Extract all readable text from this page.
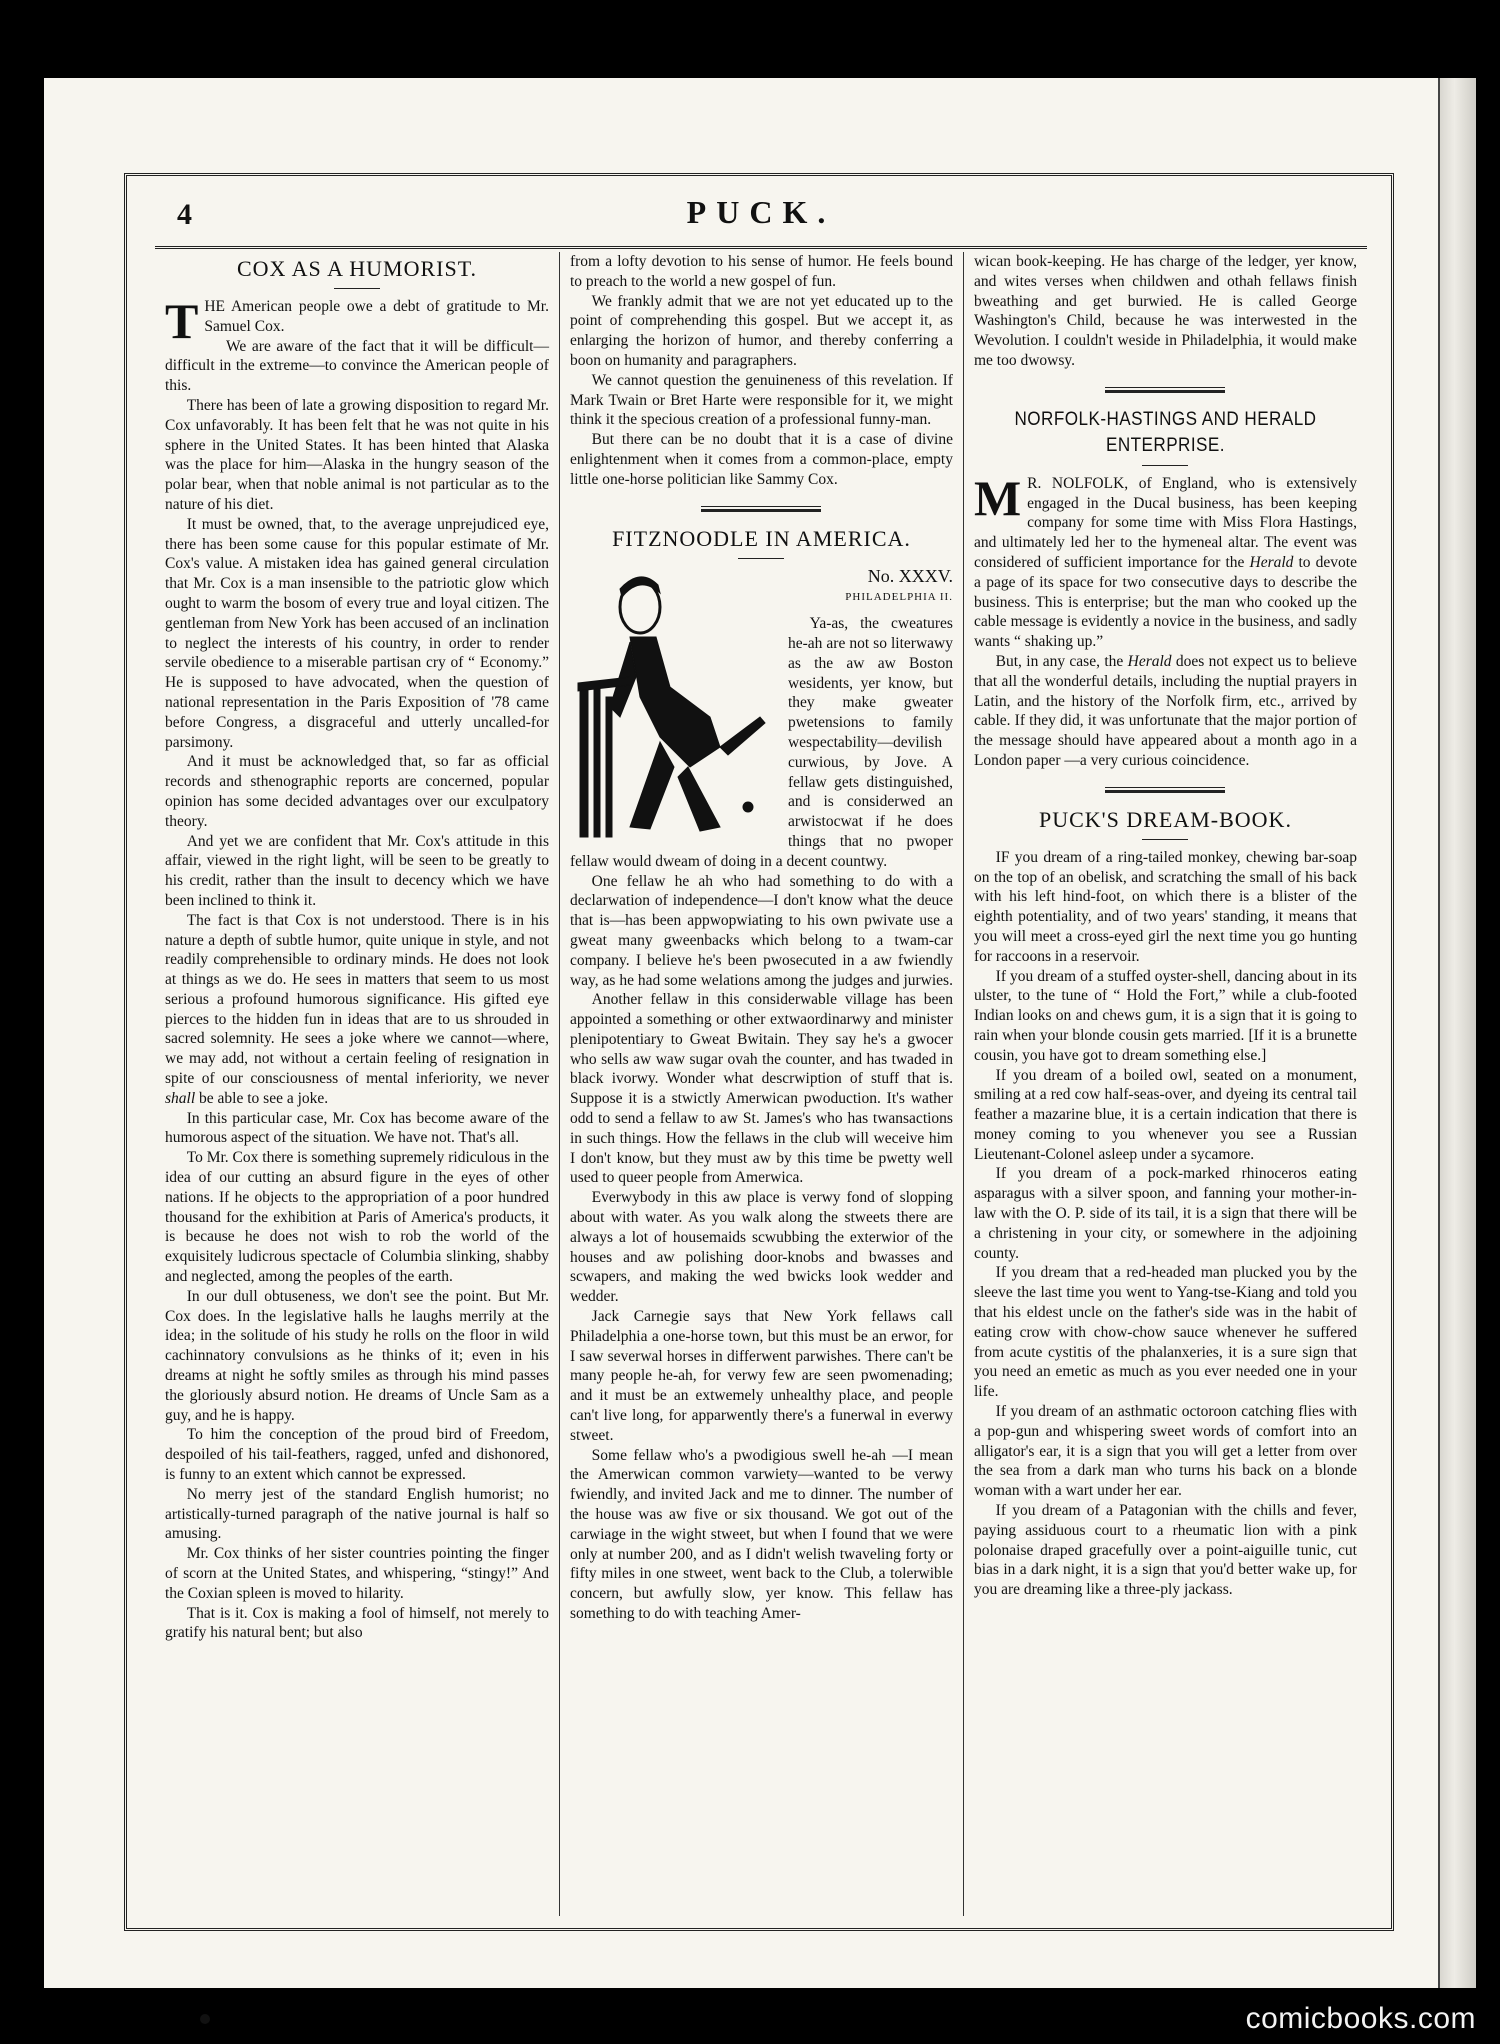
4	PUCK.
COX AS A HUMORIST.

THE American people owe a debt of gratitude to Mr. Samuel Cox.

We are aware of the fact that it will be difficult—difficult in the extreme—to convince the American people of this.

There has been of late a growing disposition to regard Mr. Cox unfavorably. It has been felt that he was not quite in his sphere in the United States. It has been hinted that Alaska was the place for him—Alaska in the hungry season of the polar bear, when that noble animal is not particular as to the nature of his diet.

It must be owned, that, to the average unprejudiced eye, there has been some cause for this popular estimate of Mr. Cox's value. A mistaken idea has gained general circulation that Mr. Cox is a man insensible to the patriotic glow which ought to warm the bosom of every true and loyal citizen. The gentleman from New York has been accused of an inclination to neglect the interests of his country, in order to render servile obedience to a miserable partisan cry of “ Economy.” He is supposed to have advocated, when the question of national representation in the Paris Exposition of '78 came before Congress, a disgraceful and utterly uncalled-for parsimony.

And it must be acknowledged that, so far as official records and sthenographic reports are concerned, popular opinion has some decided advantages over our exculpatory theory.

And yet we are confident that Mr. Cox's attitude in this affair, viewed in the right light, will be seen to be greatly to his credit, rather than the insult to decency which we have been inclined to think it.

The fact is that Cox is not understood. There is in his nature a depth of subtle humor, quite unique in style, and not readily comprehensible to ordinary minds. He does not look at things as we do. He sees in matters that seem to us most serious a profound humorous significance. His gifted eye pierces to the hidden fun in ideas that are to us shrouded in sacred solemnity. He sees a joke where we cannot—where, we may add, not without a certain feeling of resignation in spite of our consciousness of mental inferiority, we never shall be able to see a joke.

In this particular case, Mr. Cox has become aware of the humorous aspect of the situation. We have not. That's all.

To Mr. Cox there is something supremely ridiculous in the idea of our cutting an absurd figure in the eyes of other nations. If he objects to the appropriation of a poor hundred thousand for the exhibition at Paris of America's products, it is because he does not wish to rob the world of the exquisitely ludicrous spectacle of Columbia slinking, shabby and neglected, among the peoples of the earth.

In our dull obtuseness, we don't see the point. But Mr. Cox does. In the legislative halls he laughs merrily at the idea; in the solitude of his study he rolls on the floor in wild cachinnatory convulsions as he thinks of it; even in his dreams at night he softly smiles as through his mind passes the gloriously absurd notion. He dreams of Uncle Sam as a guy, and he is happy.

To him the conception of the proud bird of Freedom, despoiled of his tail-feathers, ragged, unfed and dishonored, is funny to an extent which cannot be expressed.

No merry jest of the standard English humorist; no artistically-turned paragraph of the native journal is half so amusing.

Mr. Cox thinks of her sister countries pointing the finger of scorn at the United States, and whispering, “stingy!” And the Coxian spleen is moved to hilarity.

That is it. Cox is making a fool of himself, not merely to gratify his natural bent; but also

from a lofty devotion to his sense of humor. He feels bound to preach to the world a new gospel of fun.

We frankly admit that we are not yet educated up to the point of comprehending this gospel. But we accept it, as enlarging the horizon of humor, and thereby conferring a boon on humanity and paragraphers.

We cannot question the genuineness of this revelation. If Mark Twain or Bret Harte were responsible for it, we might think it the specious creation of a professional funny-man.

But there can be no doubt that it is a case of divine enlightenment when it comes from a common-place, empty little one-horse politician like Sammy Cox.

FITZNOODLE IN AMERICA.

No. XXXV.

PHILADELPHIA II.

Ya-as, the cweatures he-ah are not so literwawy as the aw aw Boston wesidents, yer know, but they make gweater pwetensions to family wespectability—devilish curwious, by Jove. A fellaw gets distinguished, and is considerwed an arwistocwat if he does things that no pwoper fellaw would dweam of doing in a decent countwy.

One fellaw he ah who had something to do with a declarwation of independence—I don't know what the deuce that is—has been appwopwiating to his own pwivate use a gweat many gweenbacks which belong to a twam-car company. I believe he's been pwosecuted in a aw fwiendly way, as he had some welations among the judges and jurwies.

Another fellaw in this considerwable village has been appointed a something or other extwaordinarwy and minister plenipotentiary to Gweat Bwitain. They say he's a gwocer who sells aw waw sugar ovah the counter, and has twaded in black ivorwy. Wonder what descrwiption of stuff that is. Suppose it is a stwictly Amerwican pwoduction. It's wather odd to send a fellaw to aw St. James's who has twansactions in such things. How the fellaws in the club will weceive him I don't know, but they must aw by this time be pwetty well used to queer people from Amerwica.

Everwybody in this aw place is verwy fond of slopping about with water. As you walk along the stweets there are always a lot of housemaids scwubbing the exterwior of the houses and aw polishing door-knobs and bwasses and scwapers, and making the wed bwicks look wedder and wedder.

Jack Carnegie says that New York fellaws call Philadelphia a one-horse town, but this must be an erwor, for I saw severwal horses in differwent parwishes. There can't be many people he-ah, for verwy few are seen pwomenading; and it must be an extwemely unhealthy place, and people can't live long, for apparwently there's a funerwal in everwy stweet.

Some fellaw who's a pwodigious swell he-ah —I mean the Amerwican common varwiety—wanted to be verwy fwiendly, and invited Jack and me to dinner. The number of the house was aw five or six thousand. We got out of the carwiage in the wight stweet, but when I found that we were only at number 200, and as I didn't welish twaveling forty or fifty miles in one stweet, went back to the Club, a tolerwible concern, but awfully slow, yer know. This fellaw has something to do with teaching Amer-

wican book-keeping. He has charge of the ledger, yer know, and wites verses when childwen and othah fellaws finish bweathing and get burwied. He is called George Washington's Child, because he was interwested in the Wevolution. I couldn't weside in Philadelphia, it would make me too dwowsy.

NORFOLK-HASTINGS AND HERALD ENTERPRISE.

M R. NOLFOLK, of England, who is extensively engaged in the Ducal business, has been keeping company for some time with Miss Flora Hastings, and ultimately led her to the hymeneal altar. The event was considered of sufficient importance for the Herald to devote a page of its space for two consecutive days to describe the business. This is enterprise; but the man who cooked up the cable message is evidently a novice in the business, and sadly wants “ shaking up.”

But, in any case, the Herald does not expect us to believe that all the wonderful details, including the nuptial prayers in Latin, and the history of the Norfolk firm, etc., arrived by cable. If they did, it was unfortunate that the major portion of the message should have appeared about a month ago in a London paper —a very curious coincidence.

PUCK'S DREAM-BOOK.

IF you dream of a ring-tailed monkey, chewing bar-soap on the top of an obelisk, and scratching the small of his back with his left hind-foot, on which there is a blister of the eighth potentiality, and of two years' standing, it means that you will meet a cross-eyed girl the next time you go hunting for raccoons in a reservoir.

If you dream of a stuffed oyster-shell, dancing about in its ulster, to the tune of “ Hold the Fort,” while a club-footed Indian looks on and chews gum, it is a sign that it is going to rain when your blonde cousin gets married. [If it is a brunette cousin, you have got to dream something else.]

If you dream of a boiled owl, seated on a monument, smiling at a red cow half-seas-over, and dyeing its central tail feather a mazarine blue, it is a certain indication that there is money coming to you whenever you see a Russian Lieutenant-Colonel asleep under a sycamore.

If you dream of a pock-marked rhinoceros eating asparagus with a silver spoon, and fanning your mother-in-law with the O. P. side of its tail, it is a sign that there will be a christening in your city, or somewhere in the adjoining county.

If you dream that a red-headed man plucked you by the sleeve the last time you went to Yang-tse-Kiang and told you that his eldest uncle on the father's side was in the habit of eating crow with chow-chow sauce whenever he suffered from acute cystitis of the phalanxeries, it is a sure sign that you need an emetic as much as you ever needed one in your life.

If you dream of an asthmatic octoroon catching flies with a pop-gun and whispering sweet words of comfort into an alligator's ear, it is a sign that you will get a letter from over the sea from a dark man who turns his back on a blonde woman with a wart under her ear.

If you dream of a Patagonian with the chills and fever, paying assiduous court to a rheumatic lion with a pink polonaise draped gracefully over a point-aiguille tunic, cut bias in a dark night, it is a sign that you'd better wake up, for you are dreaming like a three-ply jackass.

comicbooks.com
